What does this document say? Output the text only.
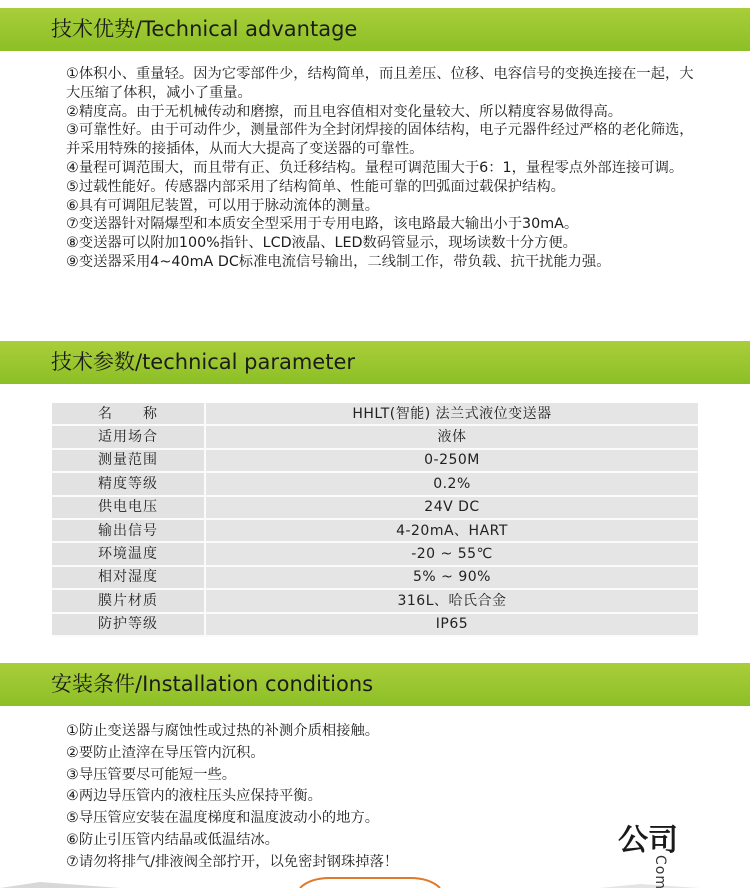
技术优势/Technical advantage

①体积小、重量轻。因为它零部件少，结构简单，而且差压、位移、电容信号的变换连接在一起，大大压缩了体积，减小了重量。

②精度高。由于无机械传动和磨擦，而且电容值相对变化量较大、所以精度容易做得高。

③可靠性好。由于可动件少，测量部件为全封闭焊接的固体结构，电子元器件经过严格的老化筛选，并采用特殊的接插体，从而大大提高了变送器的可靠性。

④量程可调范围大，而且带有正、负迁移结构。量程可调范围大于6：1，量程零点外部连接可调。

⑤过载性能好。传感器内部采用了结构简单、性能可靠的凹弧面过载保护结构。

⑥具有可调阻尼装置，可以用于脉动流体的测量。

⑦变送器针对隔爆型和本质安全型采用于专用电路，该电路最大输出小于30mA。

⑧变送器可以附加100%指针、LCD液晶、LED数码管显示，现场读数十分方便。

⑨变送器采用4~40mA DC标准电流信号输出，二线制工作，带负载、抗干扰能力强。

技术参数/technical parameter
名　　称	HHLT(智能) 法兰式液位变送器
适用场合	液体
测量范围	0-250M
精度等级	0.2%
供电电压	24V DC
输出信号	4-20mA、HART
环境温度	-20 ~ 55℃
相对湿度	5% ~ 90%
膜片材质	316L、哈氏合金
防护等级	IP65
安装条件/Installation conditions

①防止变送器与腐蚀性或过热的补测介质相接触。

②要防止渣滓在导压管内沉积。

③导压管要尽可能短一些。

④两边导压管内的液柱压头应保持平衡。

⑤导压管应安装在温度梯度和温度波动小的地方。

⑥防止引压管内结晶或低温结冰。

⑦请勿将排气/排液阀全部拧开，以免密封钢珠掉落！

公司
Com
